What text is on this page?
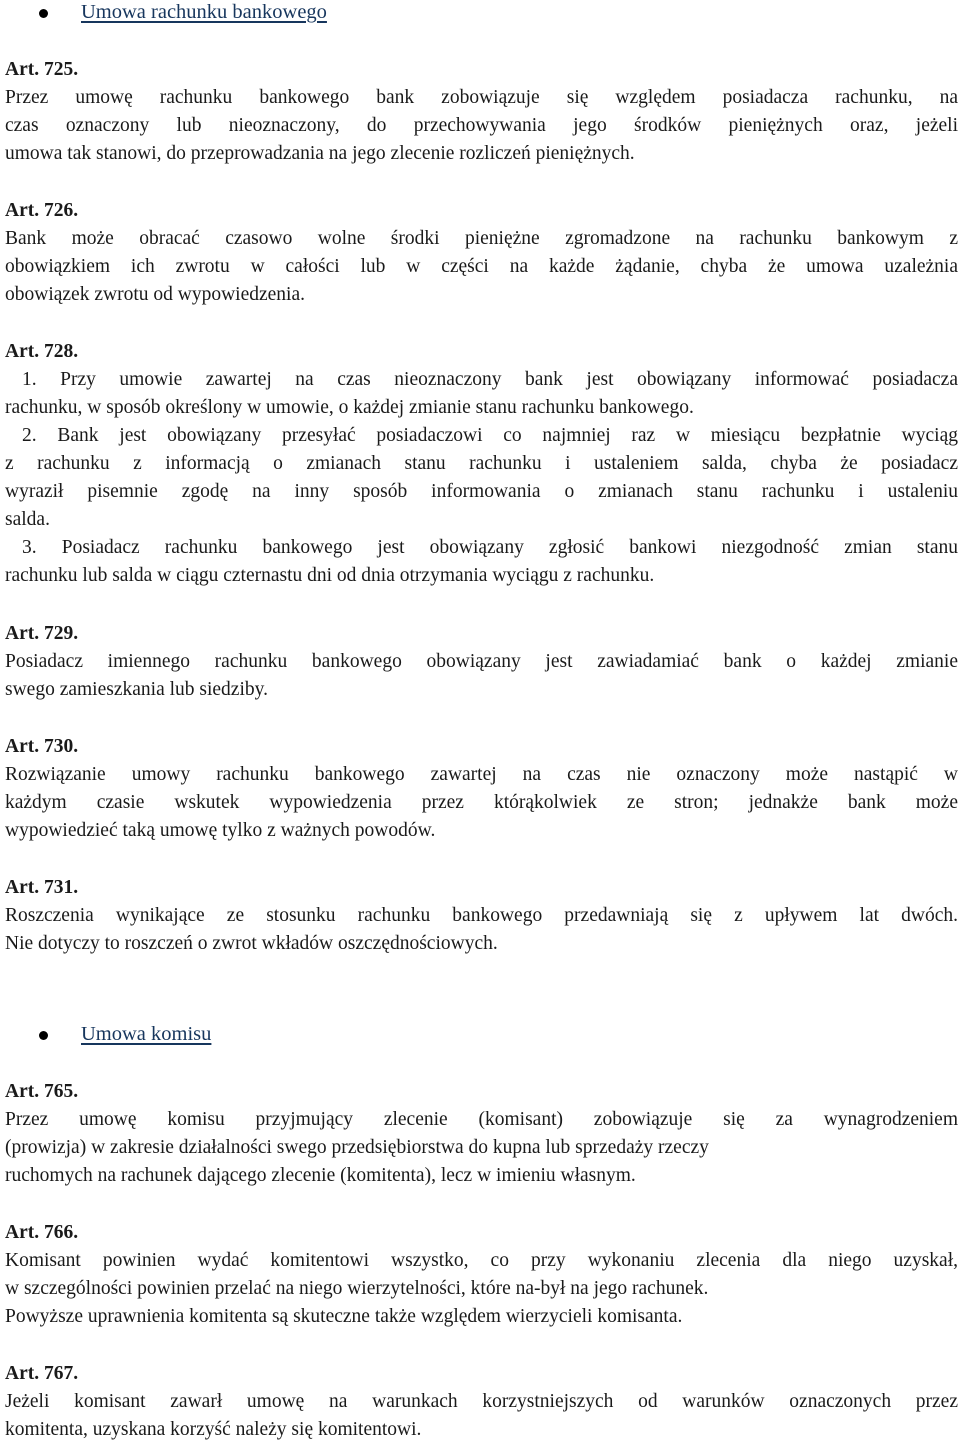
Umowa rachunku bankowego
Art. 725.
Przez umowę rachunku bankowego bank zobowiązuje się względem posiadacza rachunku, na
czas oznaczony lub nieoznaczony, do przechowywania jego środków pieniężnych oraz, jeżeli
umowa tak stanowi, do przeprowadzania na jego zlecenie rozliczeń pieniężnych.
Art. 726.
Bank może obracać czasowo wolne środki pieniężne zgromadzone na rachunku bankowym z
obowiązkiem ich zwrotu w całości lub w części na każde żądanie, chyba że umowa uzależnia
obowiązek zwrotu od wypowiedzenia.
Art. 728.
1. Przy umowie zawartej na czas nieoznaczony bank jest obowiązany informować posiadacza
rachunku, w sposób określony w umowie, o każdej zmianie stanu rachunku bankowego.
2. Bank jest obowiązany przesyłać posiadaczowi co najmniej raz w miesiącu bezpłatnie wyciąg
z rachunku z informacją o zmianach stanu rachunku i ustaleniem salda, chyba że posiadacz
wyraził pisemnie zgodę na inny sposób informowania o zmianach stanu rachunku i ustaleniu
salda.
3. Posiadacz rachunku bankowego jest obowiązany zgłosić bankowi niezgodność zmian stanu
rachunku lub salda w ciągu czternastu dni od dnia otrzymania wyciągu z rachunku.
Art. 729.
Posiadacz imiennego rachunku bankowego obowiązany jest zawiadamiać bank o każdej zmianie
swego zamieszkania lub siedziby.
Art. 730.
Rozwiązanie umowy rachunku bankowego zawartej na czas nie oznaczony może nastąpić w
każdym czasie wskutek wypowiedzenia przez którąkolwiek ze stron; jednakże bank może
wypowiedzieć taką umowę tylko z ważnych powodów.
Art. 731.
Roszczenia wynikające ze stosunku rachunku bankowego przedawniają się z upływem lat dwóch.
Nie dotyczy to roszczeń o zwrot wkładów oszczędnościowych.
Umowa komisu
Art. 765.
Przez umowę komisu przyjmujący zlecenie (komisant) zobowiązuje się za wynagrodzeniem
(prowizja) w zakresie działalności swego przedsiębiorstwa do kupna lub sprzedaży rzeczy
ruchomych na rachunek dającego zlecenie (komitenta), lecz w imieniu własnym.
Art. 766.
Komisant powinien wydać komitentowi wszystko, co przy wykonaniu zlecenia dla niego uzyskał,
w szczególności powinien przelać na niego wierzytelności, które na-był na jego rachunek.
Powyższe uprawnienia komitenta są skuteczne także względem wierzycieli komisanta.
Art. 767.
Jeżeli komisant zawarł umowę na warunkach korzystniejszych od warunków oznaczonych przez
komitenta, uzyskana korzyść należy się komitentowi.
